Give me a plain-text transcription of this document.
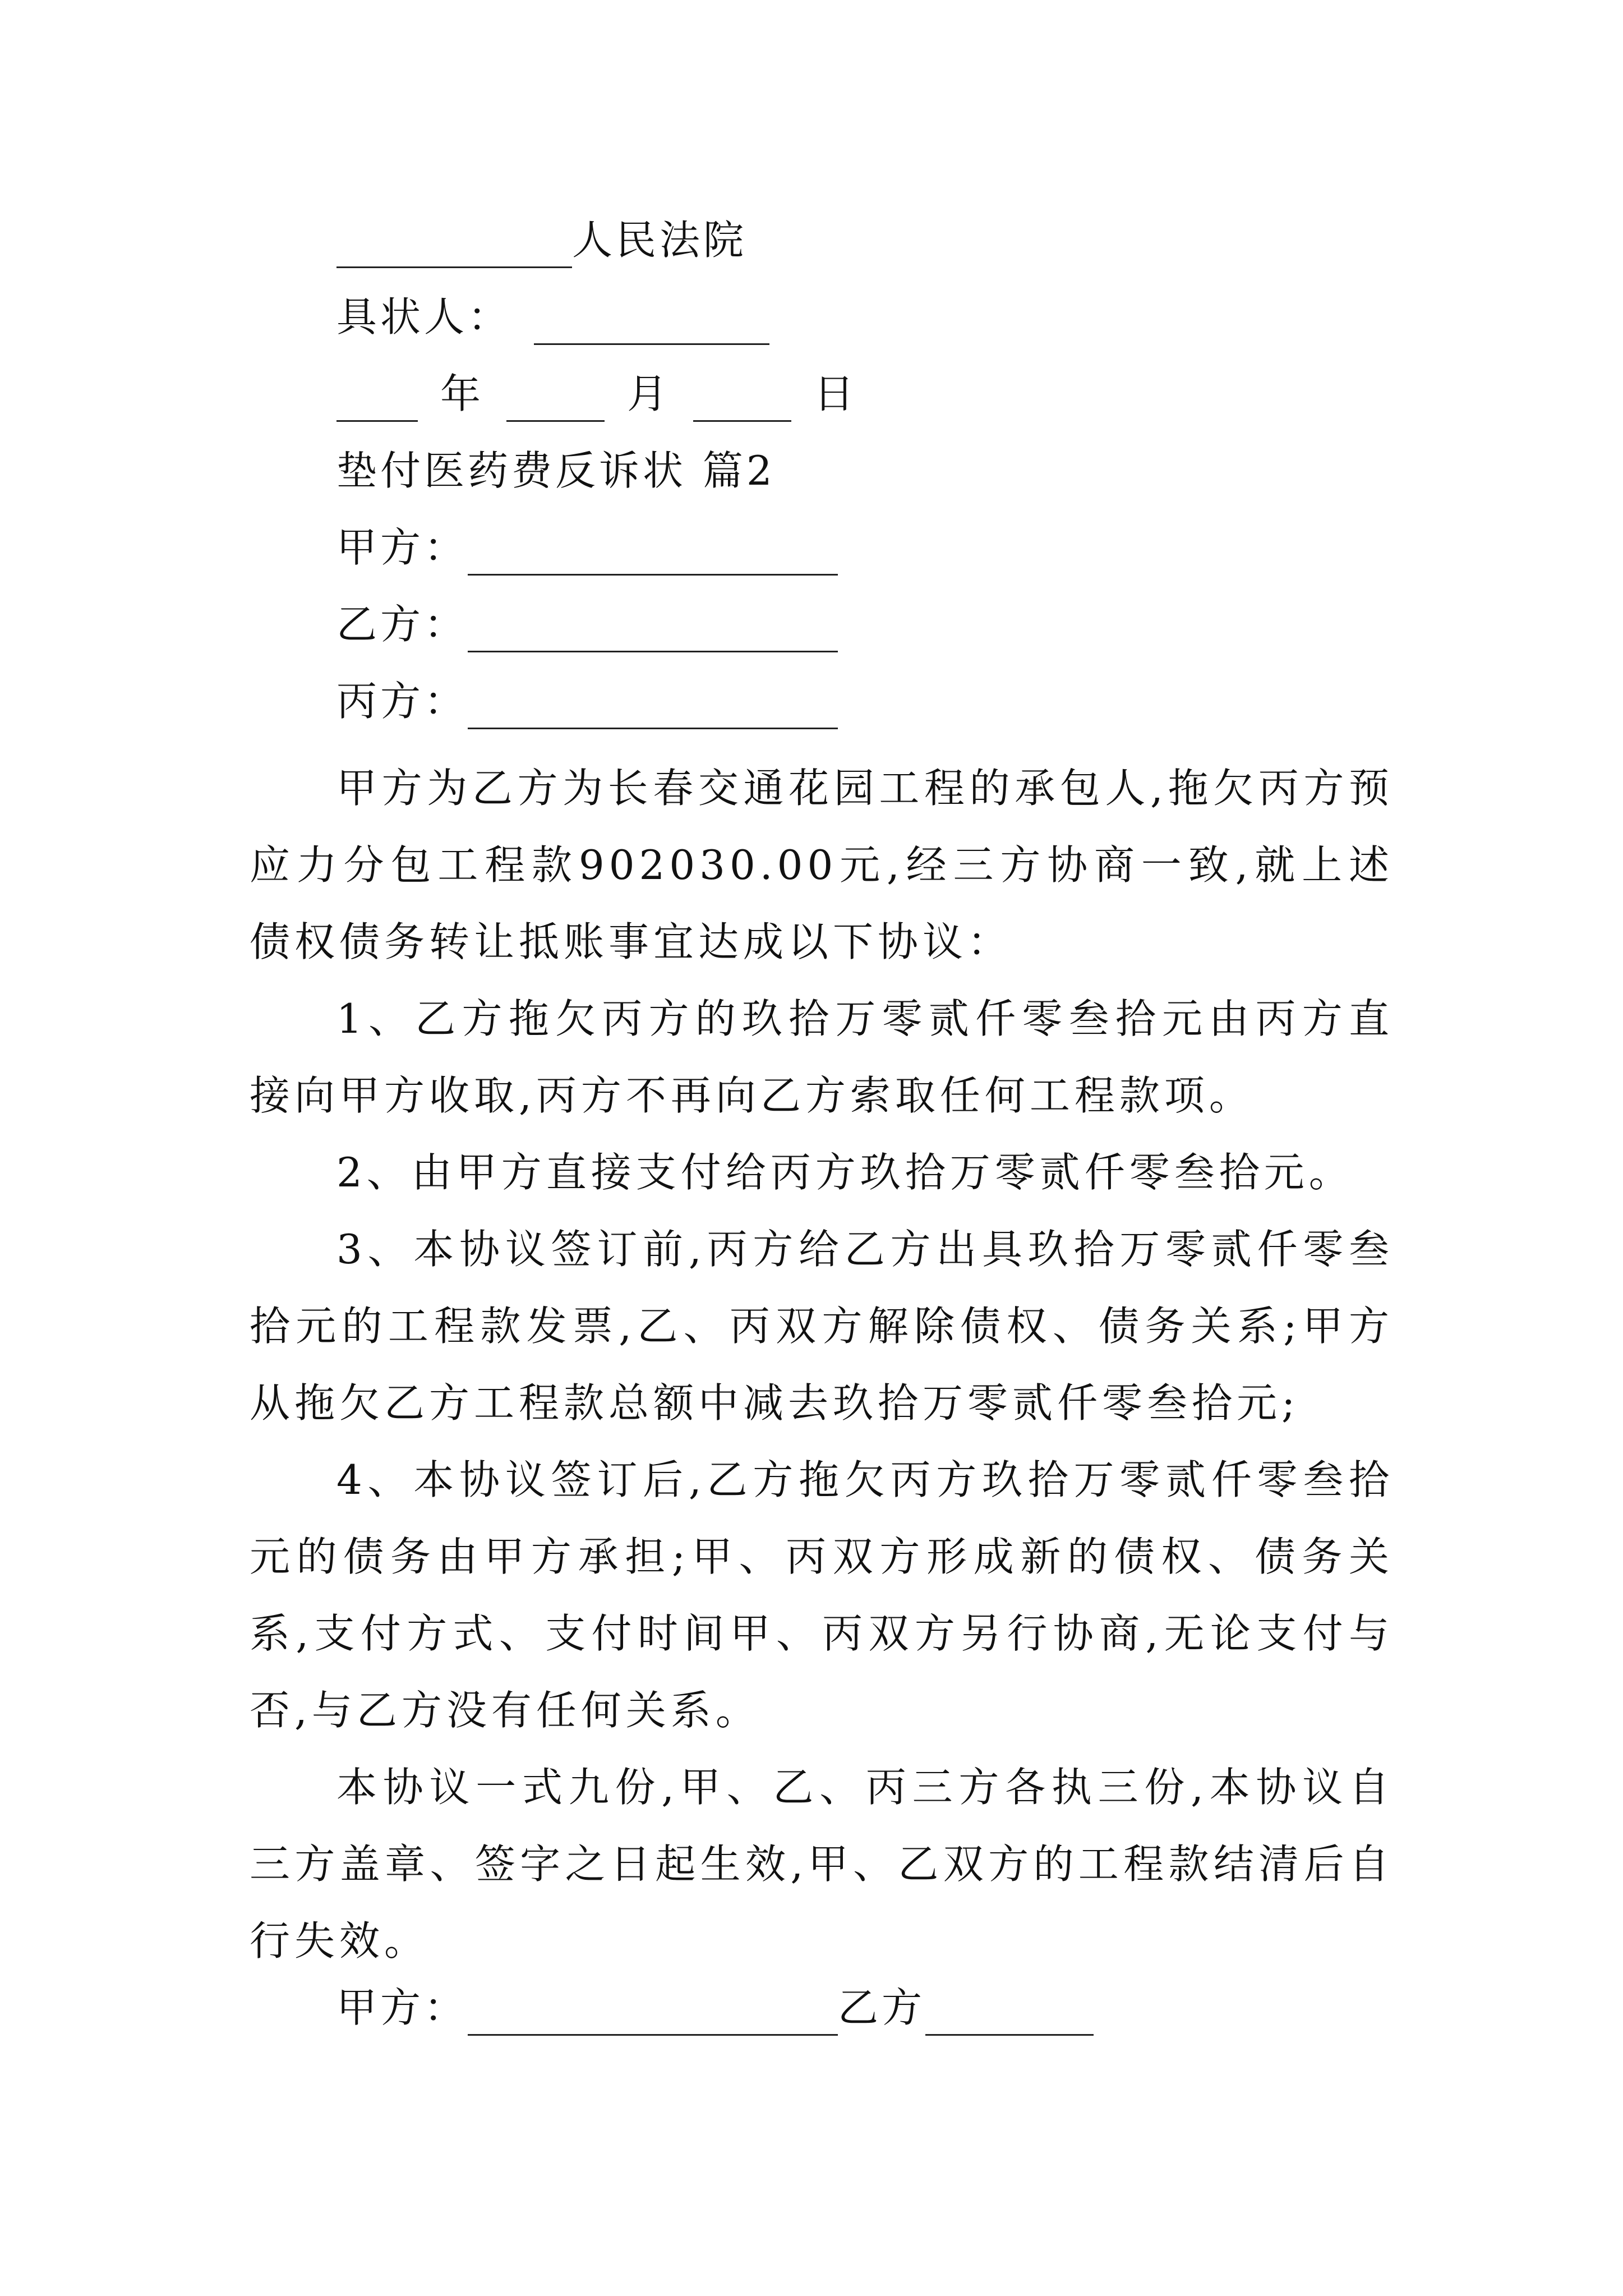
人民法院
具状人：
年	月	日
垫付医药费反诉状 篇2
甲方：
乙方：
丙方：
甲方为乙方为长春交通花园工程的承包人,拖欠丙方预应力分包工程款902030.00元,经三方协商一致,就上述债权债务转让抵账事宜达成以下协议：
1、乙方拖欠丙方的玖拾万零贰仟零叁拾元由丙方直接向甲方收取,丙方不再向乙方索取任何工程款项。
2、由甲方直接支付给丙方玖拾万零贰仟零叁拾元。
3、本协议签订前,丙方给乙方出具玖拾万零贰仟零叁拾元的工程款发票,乙、丙双方解除债权、债务关系;甲方从拖欠乙方工程款总额中减去玖拾万零贰仟零叁拾元;
4、本协议签订后,乙方拖欠丙方玖拾万零贰仟零叁拾元的债务由甲方承担;甲、丙双方形成新的债权、债务关系,支付方式、支付时间甲、丙双方另行协商,无论支付与否,与乙方没有任何关系。
本协议一式九份,甲、乙、丙三方各执三份,本协议自三方盖章、签字之日起生效,甲、乙双方的工程款结清后自行失效。
甲方：	乙方
